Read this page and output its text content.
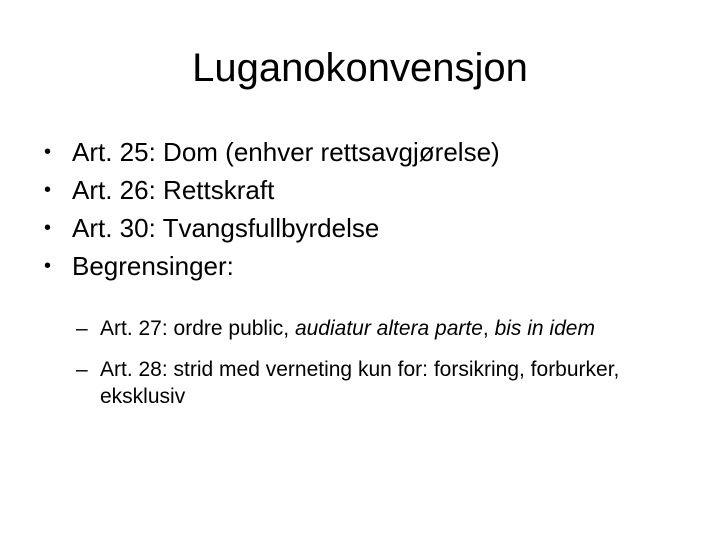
Luganokonvensjon
• Art. 25: Dom (enhver rettsavgjørelse)
• Art. 26: Rettskraft
• Art. 30: Tvangsfullbyrdelse
• Begrensinger:
– Art. 27: ordre public, audiatur altera parte, bis in idem
– Art. 28: strid med verneting kun for: forsikring, forburker, eksklusiv
